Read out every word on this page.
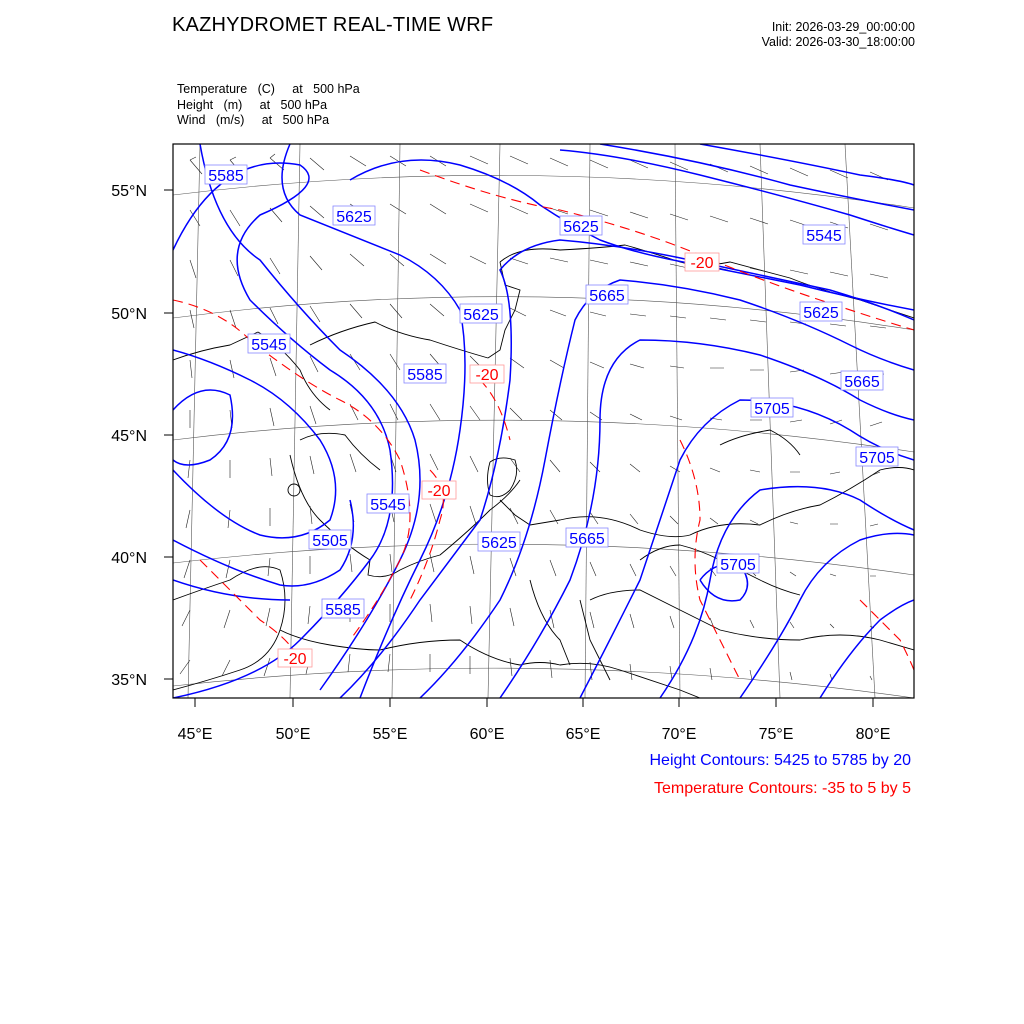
KAZHYDROMET REAL-TIME WRF	Init: 2026-03-29_00:00:00
Valid: 2026-03-30_18:00:00
Temperature   (C)     at   500 hPa
Height   (m)     at   500 hPa
Wind   (m/s)     at   500 hPa
55°N
50°N
45°N
40°N
35°N
45°E	50°E	55°E	60°E	65°E	70°E	75°E	80°E
5585
5625
5625
5545
5625
5545
5665
5625
5585	5665
5705
5705
5545
5505	5625	5665
5705
5585
-20
-20
-20
-20
Height Contours: 5425 to 5785 by 20
Temperature Contours: -35 to 5 by 5
